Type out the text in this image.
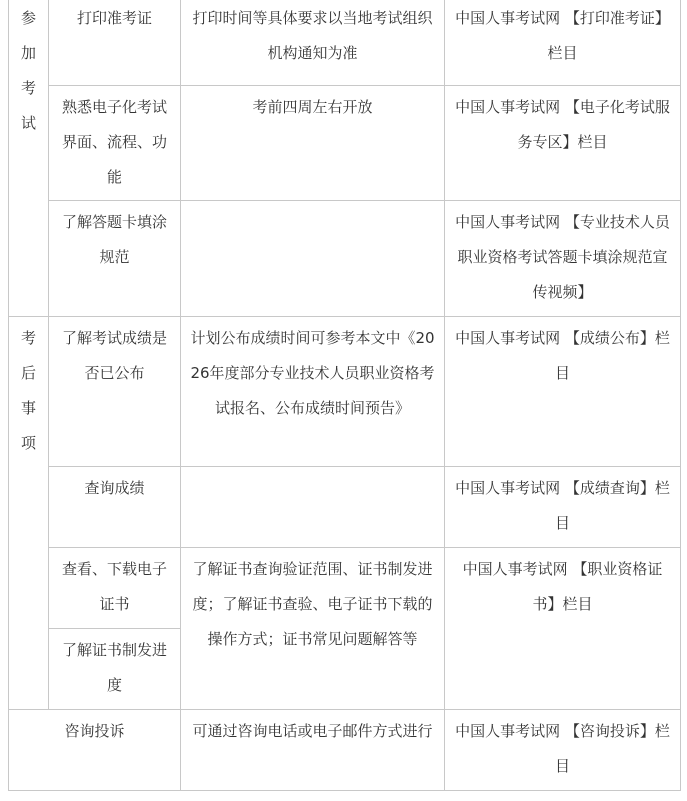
参加考试	打印准考证	打印时间等具体要求以当地考试组织机构通知为准	中国人事考试网 【打印准考证】栏目
	熟悉电子化考试界面、流程、功能	考前四周左右开放	中国人事考试网 【电子化考试服务专区】栏目
	了解答题卡填涂规范		中国人事考试网 【专业技术人员职业资格考试答题卡填涂规范宣传视频】
考后事项	了解考试成绩是否已公布	计划公布成绩时间可参考本文中《2026年度部分专业技术人员职业资格考试报名、公布成绩时间预告》	中国人事考试网 【成绩公布】栏目
	查询成绩		中国人事考试网 【成绩查询】栏目
	查看、下载电子证书	了解证书查询验证范围、证书制发进度；了解证书查验、电子证书下载的操作方式；证书常见问题解答等	中国人事考试网 【职业资格证书】栏目
	了解证书制发进度		
咨询投诉		可通过咨询电话或电子邮件方式进行	中国人事考试网 【咨询投诉】栏目
